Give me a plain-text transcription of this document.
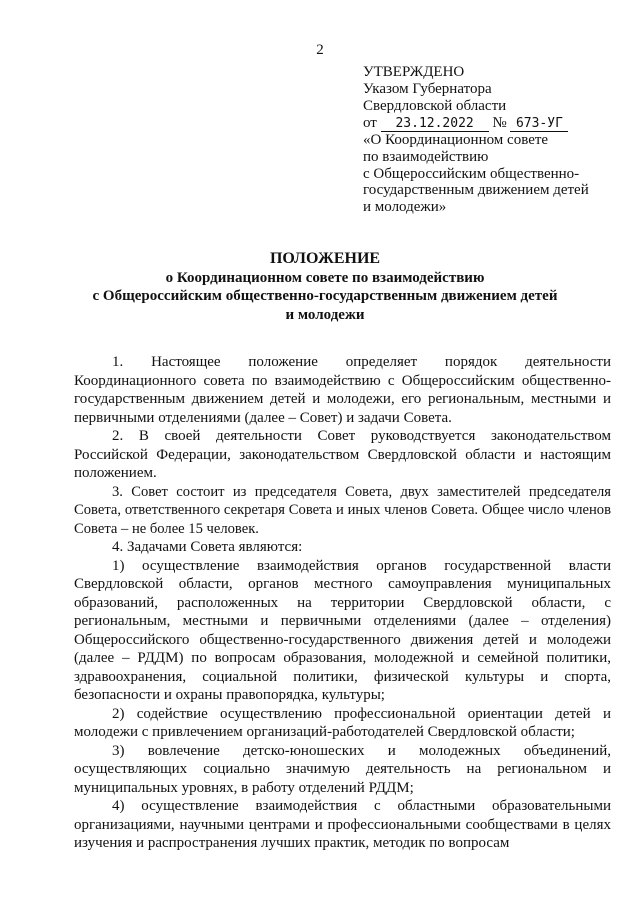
2
УТВЕРЖДЕНО
Указом Губернатора
Свердловской области
от 23.12.2022 № 673-УГ
«О Координационном совете
по взаимодействию
с Общероссийским общественно-
государственным движением детей
и молодежи»
ПОЛОЖЕНИЕ
о Координационном совете по взаимодействию
с Общероссийским общественно-государственным движением детей
и молодежи

1. Настоящее положение определяет порядок деятельности Координационного совета по взаимодействию с Общероссийским общественно-государственным движением детей и молодежи, его региональным, местными и первичными отделениями (далее – Совет) и задачи Совета.

2. В своей деятельности Совет руководствуется законодательством Российской Федерации, законодательством Свердловской области и настоящим положением.

3. Совет состоит из председателя Совета, двух заместителей председателя Совета, ответственного секретаря Совета и иных членов Совета. Общее число членов Совета – не более 15 человек.

4. Задачами Совета являются:

1) осуществление взаимодействия органов государственной власти Свердловской области, органов местного самоуправления муниципальных образований, расположенных на территории Свердловской области, с региональным, местными и первичными отделениями (далее – отделения) Общероссийского общественно-государственного движения детей и молодежи (далее – РДДМ) по вопросам образования, молодежной и семейной политики, здравоохранения, социальной политики, физической культуры и спорта, безопасности и охраны правопорядка, культуры;

2) содействие осуществлению профессиональной ориентации детей и молодежи с привлечением организаций-работодателей Свердловской области;

3) вовлечение детско-юношеских и молодежных объединений, осуществляющих социально значимую деятельность на региональном и муниципальных уровнях, в работу отделений РДДМ;

4) осуществление взаимодействия с областными образовательными организациями, научными центрами и профессиональными сообществами в целях изучения и распространения лучших практик, методик по вопросам
